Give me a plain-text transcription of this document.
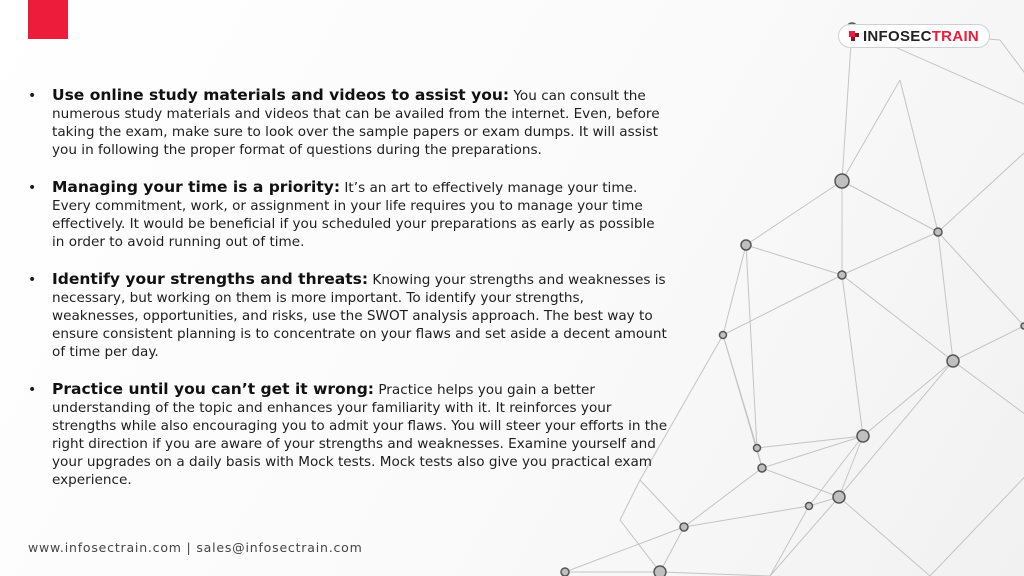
INFOSECTRAIN
•	Use online study materials and videos to assist you: You can consult the numerous study materials and videos that can be availed from the internet. Even, before taking the exam, make sure to look over the sample papers or exam dumps. It will assist you in following the proper format of questions during the preparations.
•	Managing your time is a priority: It’s an art to effectively manage your time. Every commitment, work, or assignment in your life requires you to manage your time effectively. It would be beneficial if you scheduled your preparations as early as possible in order to avoid running out of time.
•	Identify your strengths and threats: Knowing your strengths and weaknesses is necessary, but working on them is more important. To identify your strengths, weaknesses, opportunities, and risks, use the SWOT analysis approach. The best way to ensure consistent planning is to concentrate on your flaws and set aside a decent amount of time per day.
•	Practice until you can’t get it wrong: Practice helps you gain a better understanding of the topic and enhances your familiarity with it. It reinforces your strengths while also encouraging you to admit your flaws. You will steer your efforts in the right direction if you are aware of your strengths and weaknesses. Examine yourself and your upgrades on a daily basis with Mock tests. Mock tests also give you practical exam experience.
www.infosectrain.com | sales@infosectrain.com
